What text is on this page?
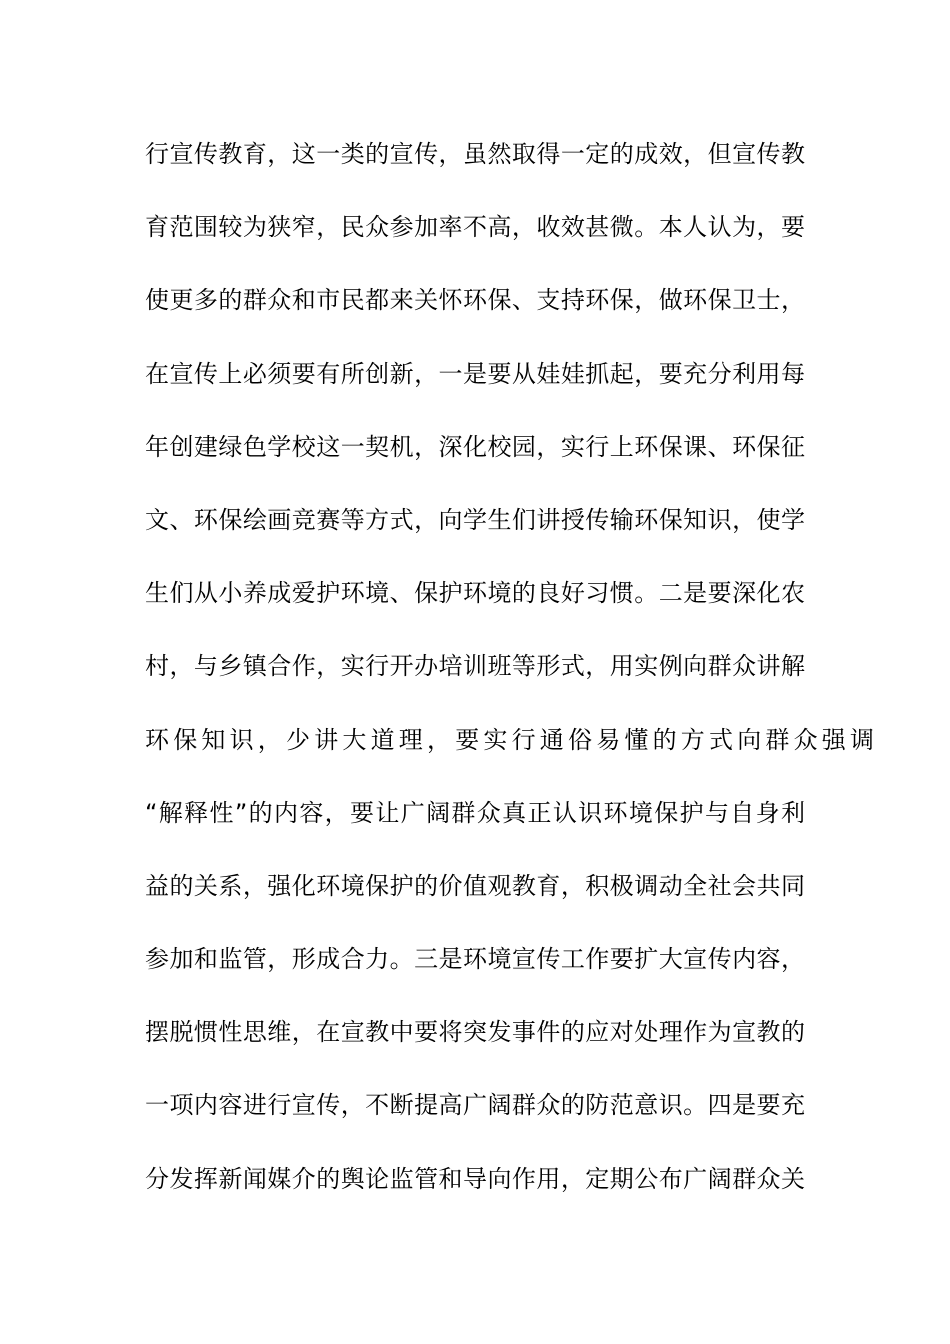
行宣传教育，这一类的宣传，虽然取得一定的成效，但宣传教
育范围较为狭窄，民众参加率不高，收效甚微。本人认为，要
使更多的群众和市民都来关怀环保、支持环保，做环保卫士，
在宣传上必须要有所创新，一是要从娃娃抓起，要充分利用每
年创建绿色学校这一契机，深化校园，实行上环保课、环保征
文、环保绘画竞赛等方式，向学生们讲授传输环保知识，使学
生们从小养成爱护环境、保护环境的良好习惯。二是要深化农
村，与乡镇合作，实行开办培训班等形式，用实例向群众讲解
环保知识，少讲大道理，要实行通俗易懂的方式向群众强调
“解释性”的内容，要让广阔群众真正认识环境保护与自身利
益的关系，强化环境保护的价值观教育，积极调动全社会共同
参加和监管，形成合力。三是环境宣传工作要扩大宣传内容，
摆脱惯性思维，在宣教中要将突发事件的应对处理作为宣教的
一项内容进行宣传，不断提高广阔群众的防范意识。四是要充
分发挥新闻媒介的舆论监管和导向作用，定期公布广阔群众关
